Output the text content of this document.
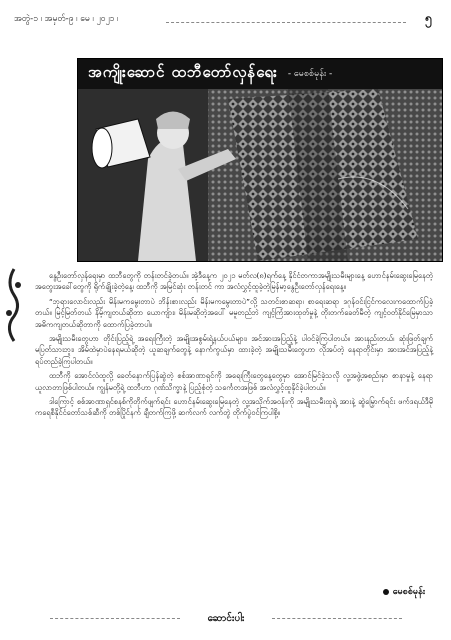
အတွဲ-၁ ၊ အမှတ်-၉ ၊ မေ ၊ ၂၀၂၁ ၊	၅
အကျိုးဆောင် ထဘီတော်လှန်ရေး - မေစစ်မုန်း -

နွေဦးတော်လှန်ရေးမှာ ထဘီတွေကို တန်းတင်ခဲ့တယ်။ အဲ့ဒီနေ့က ၂၀၂၁ မတ်လ(၈)ရက်နေ့ နိုင်ငံတကာအမျိုးသမီးများနေ့ ဟောင်နမ်းဆွေးမြေနေတဲ့ အတွေးအခေါ်တွေကို ရိုက်ချိုးခဲ့တဲ့နေ့၊ ထဘီကို အမြင်ဆုံး တန်းတင် ကာ အလံလွှင့်ထူခဲ့တဲ့မြန်မာ့နွေဦးတော်လှန်ရေးနေ့။

“ဘုရားလောင်းလည်း မိန်းမကမွေးတာပဲ ဘိန်းစားလည်း မိန်းမကမွေးတာပဲ”လို့ သတင်းစာဆရာ၊ စာရေးဆရာ ဒဂုန်ဝင်းငြင်ကလေးကထောက်ပြခဲ့တယ်။ မြင့်မြတ်တယ် နိမ့်ကျတယ်ဆိုတာ ယောကျ်ား၊ မိန်းမဆိုတဲ့အပေါ် မမူတည်ဘဲ ကျင့်ကြံအားထုတ်မှုနဲ့ တိုးတက်ခေတ်မီတဲ့ ကျင့်ဝတ်နိုင်မြေမှာသာ အဓိကကျတယ်ဆိုတာကို ထောက်ပြခဲ့တာပါ။

အမျိုးသမီးတွေဟာ တိုင်းပြည့်ရဲ့ အရေးကြီးတဲ့ အမျိုးအစွမ်းရဲ့နယ်ပယ်များ၊ အင်အားအပြည့်နဲ့ ပါဝင်ခဲ့ကြပါတယ်။ အားနည်းတယ်၊ ဆုံးဖြတ်ချက်မပြတ်သားဘူး၊ အိမ်ထဲမှာပဲနေရမယ်ဆိုတဲ့ ယူဆချက်တွေနဲ့ နောက်ကွယ်မှာ ထားခဲ့တဲ့ အမျိုးသမီးတွေဟာ လိုအပ်တဲ့ နေရာတိုင်းမှာ အားအင်အပြည့်နဲ့ ရပ်တည်ခဲ့ကြပါတယ်။

ထဘီကို အောင်လံထူလို့ ခေတ်နောက်ပြန်ဆွဲတဲ့ စစ်အာဏာရှင်ကို အရေးကြီးတွေနေ့တွေမှာ အောင်မြင်ခဲ့သလို လူ့အဖွဲ့အစည်းမှာ စာနာမှုနဲ့ နေရာယူလာတာဖြစ်ပါတယ်။ ကျွန်မတို့ရဲ့ ထဘီဟာ ဂုဏ်သိက္ခာနဲ့ ပြည့်စုံတဲ့ သင်္ကေတအဖြစ် အလံလွှင့်ထူနိုင်ခဲ့ပါတယ်။

ဒါကြောင့် စစ်အာဏာရှင်စနစ်ကိုတိုက်ဖျက်ရင်း ဟောင်နမ်းဆွေးမြေနေတဲ့ လူ့အသိုက်အဝန်းကို အမျိုးသမီးထုရဲ့ အားနဲ့ ဆွဲမြှောက်ရင်း ဖက်ဒရယ်ဒီမိုကရေစီနိုင်ငံတော်သစ်ဆီကို တစ်ပြိုင်နက် ချီတက်ကြဖို့ ဆက်လက် လက်တွဲ တိုက်ပွဲဝင်ကြပါစို့။

မေစစ်မုန်း
ဆောင်းပါး
